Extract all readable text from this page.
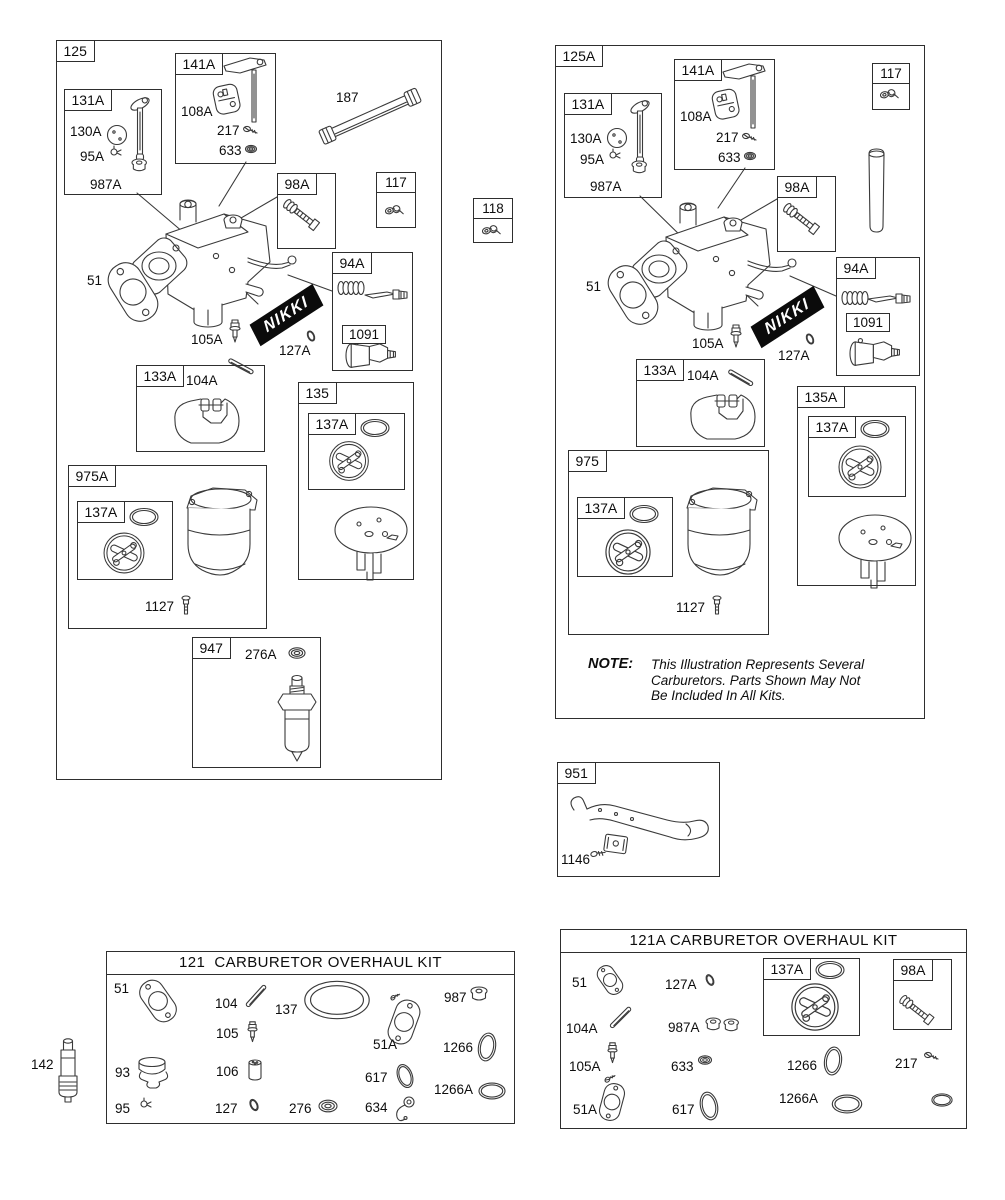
125
131A
141A
98A	117
118
94A
1091
133A
135
137A
975A
137A
947
130A
95A
987A
108A
217
633
187
51
105A
127A
104A
1127
276A
NIKKI
125A
131A
141A	117
98A
94A
1091
133A
135A
137A
975
137A
951
130A
95A
987A
108A
217
633
51
105A
127A
104A
1127
1146
NIKKI
NOTE: This Illustration Represents Several
Carburetors. Parts Shown May Not
Be Included In All Kits.
121  CARBURETOR OVERHAUL KIT
51
104	137
987
105
51A	1266
93	106	617
1266A
95	127	276	634
121A CARBURETOR OVERHAUL KIT
137A	98A
51	127A
104A	987A
105A	633	1266	217
51A	617
1266A
142
